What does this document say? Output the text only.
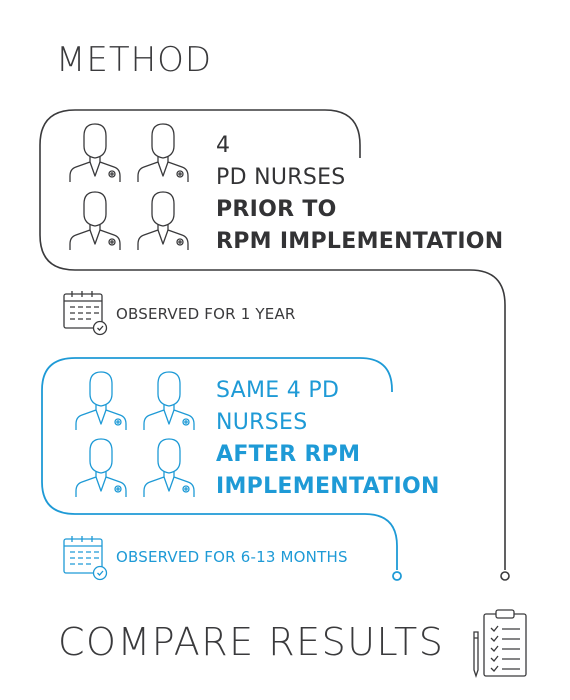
METHOD
4
PD NURSES
PRIOR TO
RPM IMPLEMENTATION
OBSERVED FOR 1 YEAR
SAME 4 PD
NURSES
AFTER RPM
IMPLEMENTATION
OBSERVED FOR 6-13 MONTHS
COMPARE RESULTS
